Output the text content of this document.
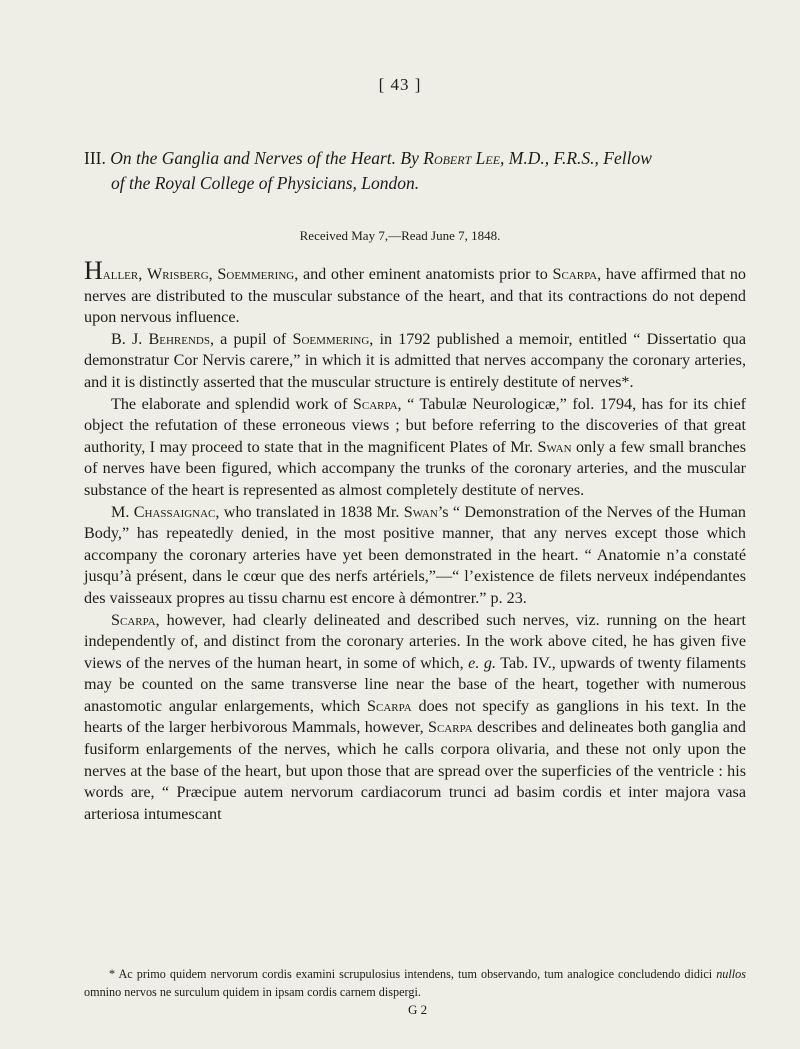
[ 43 ]
III. On the Ganglia and Nerves of the Heart. By Robert Lee, M.D., F.R.S., Fellow
of the Royal College of Physicians, London.
Received May 7,—Read June 7, 1848.

Haller, Wrisberg, Soemmering, and other eminent anatomists prior to Scarpa, have affirmed that no nerves are distributed to the muscular substance of the heart, and that its contractions do not depend upon nervous influence.

B. J. Behrends, a pupil of Soemmering, in 1792 published a memoir, entitled “ Dissertatio qua demonstratur Cor Nervis carere,” in which it is admitted that nerves accompany the coronary arteries, and it is distinctly asserted that the muscular structure is entirely destitute of nerves*.

The elaborate and splendid work of Scarpa, “ Tabulæ Neurologicæ,” fol. 1794, has for its chief object the refutation of these erroneous views ; but before referring to the discoveries of that great authority, I may proceed to state that in the magnificent Plates of Mr. Swan only a few small branches of nerves have been figured, which accompany the trunks of the coronary arteries, and the muscular substance of the heart is represented as almost completely destitute of nerves.

M. Chassaignac, who translated in 1838 Mr. Swan’s “ Demonstration of the Nerves of the Human Body,” has repeatedly denied, in the most positive manner, that any nerves except those which accompany the coronary arteries have yet been demonstrated in the heart. “ Anatomie n’a constaté jusqu’à présent, dans le cœur que des nerfs artériels,”—“ l’existence de filets nerveux indépendantes des vaisseaux propres au tissu charnu est encore à démontrer.” p. 23.

Scarpa, however, had clearly delineated and described such nerves, viz. running on the heart independently of, and distinct from the coronary arteries. In the work above cited, he has given five views of the nerves of the human heart, in some of which, e. g. Tab. IV., upwards of twenty filaments may be counted on the same transverse line near the base of the heart, together with numerous anastomotic angular enlargements, which Scarpa does not specify as ganglions in his text. In the hearts of the larger herbivorous Mammals, however, Scarpa describes and delineates both ganglia and fusiform enlargements of the nerves, which he calls corpora olivaria, and these not only upon the nerves at the base of the heart, but upon those that are spread over the superficies of the ventricle : his words are, “ Præcipue autem nervorum cardiacorum trunci ad basim cordis et inter majora vasa arteriosa intumescant

* Ac primo quidem nervorum cordis examini scrupulosius intendens, tum observando, tum analogice concludendo didici nullos omnino nervos ne surculum quidem in ipsam cordis carnem dispergi.

G 2
